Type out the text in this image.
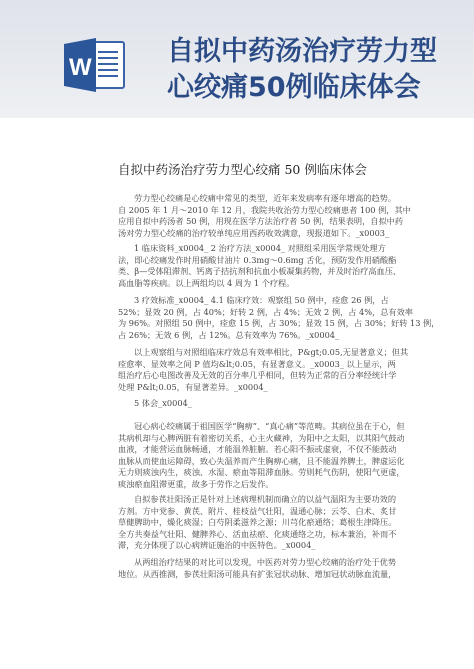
W
自拟中药汤治疗劳力型
心绞痛50例临床体会
自拟中药汤治疗劳力型心绞痛 50 例临床体会
劳力型心绞痛是心绞痛中常见的类型，近年来发病率有逐年增高的趋势。
自 2005 年 1 月～2010 年 12 月，我院共收治劳力型心绞痛患者 100 例，其中
应用自拟中药汤者 50 例，用现在医学方法治疗者 50 例，结果表明，自拟中药
汤对劳力型心绞痛的治疗较单纯应用西药收效满意，现报道如下。_x0003_
1 临床资料_x0004_ 2 治疗方法_x0004_ 对照组采用医学常规处理方
法，即心绞痛发作时用硝酸甘油片 0.3mg～0.6mg 舌化，预防发作用硝酸酯
类、β—受体阻滞剂、钙离子拮抗剂和抗血小板凝集药物，并及时治疗高血压、
高血脂等疾病。以上两组均以 4 周为 1 个疗程。
3 疗效标准_x0004_ 4.1 临床疗效：观察组 50 例中，痊愈 26 例，占
52%；显效 20 例，占 40%；好转 2 例，占 4%；无效 2 例，占 4%，总有效率
为 96%。对照组 50 例中，痊愈 15 例，占 30%；显效 15 例，占 30%；好转 13 例，
占 26%；无效 6 例，占 12%。总有效率为 76%。_x0004_
以上观察组与对照组临床疗效总有效率相比，P&gt;0.05,无显著意义；但其
痊愈率、显效率之间 P 值均&lt;0.05，有显著意义。_x0003_ 以上显示，两
组治疗后心电图改善及无效的百分率几乎相同，但转为正常的百分率经统计学
处理 P&lt;0.05，有显著差异。_x0004_
5 体会_x0004_
冠心病心绞痛属于祖国医学“胸痹”、“真心痛”等范畴。其病位虽在于心，但
其病机却与心脾两脏有着密切关系，心主火藏神，为阳中之太阳，以其阳气鼓动
血液，才能营运血脉畅通，才能温养脏腑。若心阳不振或虚衰，不仅不能鼓动
血脉从而使血运障碍，致心失温养而产生胸痹心痛，且不能温养脾土，脾虚运化
无力则痰浊内生，痰浊、水湿、瘀血等阻滞血脉。劳则耗气伤阴，使阳气更虚，
痰浊瘀血阻滞更重，故多于劳作之后发作。
自拟参芪壮阳汤正是针对上述病理机制而确立的以益气温阳为主要功效的
方剂。方中党参、黄芪、附片、桂枝益气壮阳，温通心脉；云苓、白术、炙甘
草健脾助中，燥化痰湿；白芍阴柔滋养之源；川芎化瘀通络；葛根生津降压。
全方共奏益气壮阳、健脾养心、活血祛瘀、化痰通络之功，标本兼治，补而不
滞，充分体现了以心病辨证施治的中医特色。_x0004_
从两组治疗结果的对比可以发现，中医药对劳力型心绞痛的治疗处于优势
地位。从西推测，参芪壮阳汤可能具有扩张冠状动脉、增加冠状动脉血流量，
